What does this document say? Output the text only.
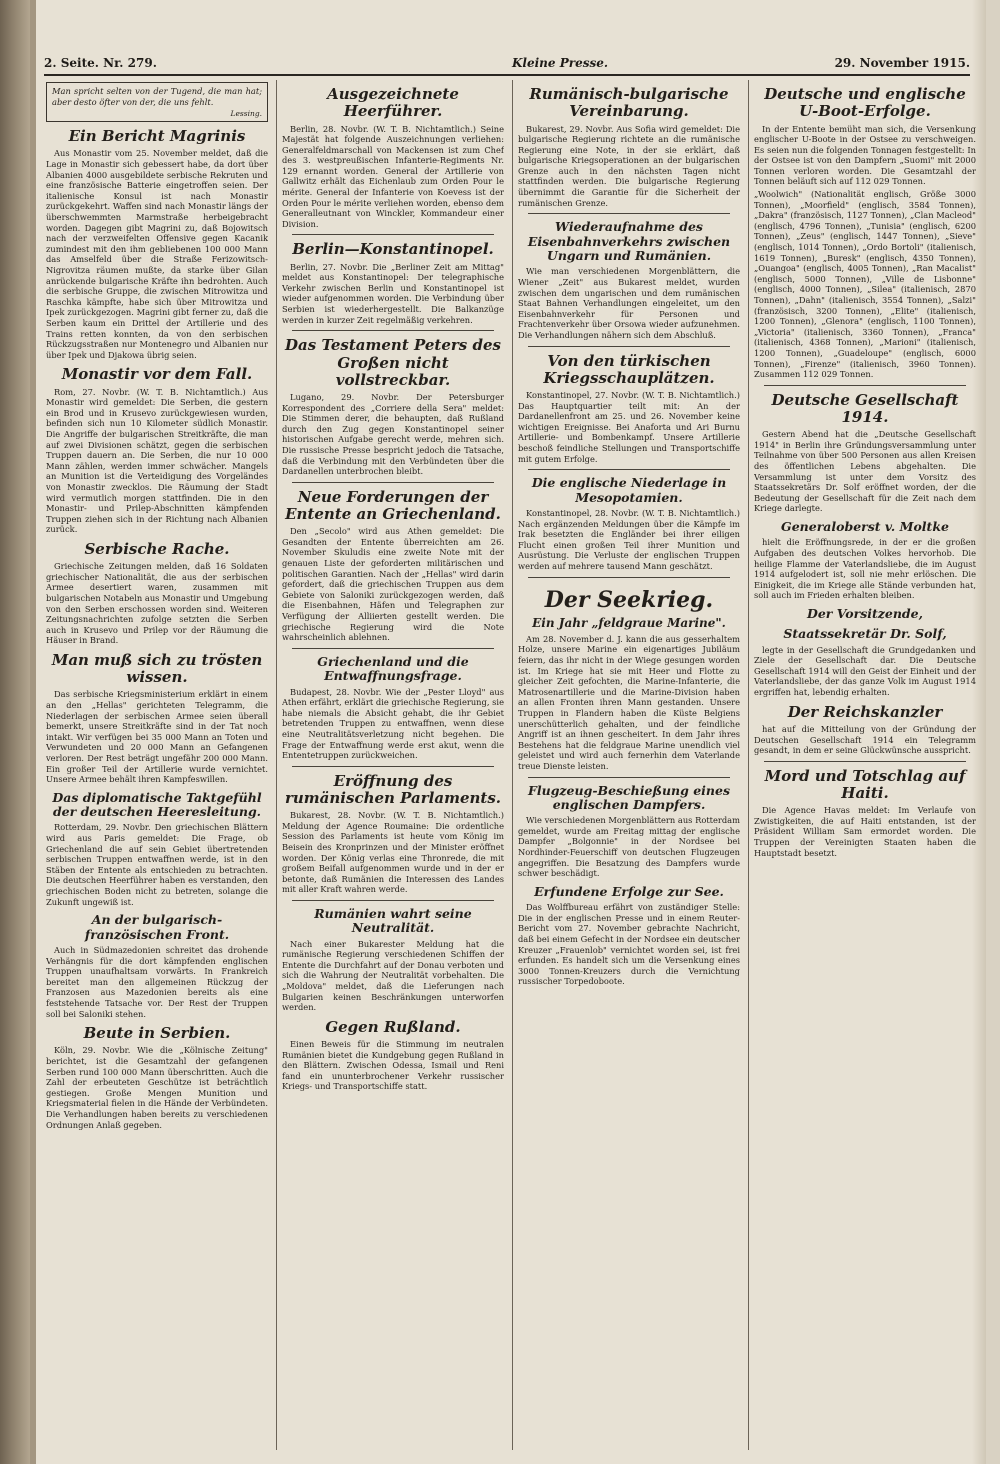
2. Seite. Nr. 279.	Kleine Presse.	29. November 1915.

Man spricht selten von der Tugend, die man hat; aber desto öfter von der, die uns fehlt.

Lessing.
Ein Bericht Magrinis

Aus Monastir vom 25. November meldet, daß die Lage in Monastir sich gebessert habe, da dort über Albanien 4000 ausgebildete serbische Rekruten und eine französische Batterie eingetroffen seien. Der italienische Konsul ist nach Monastir zurückgekehrt. Waffen sind nach Monastir längs der überschwemmten Marmstraße herbeigebracht worden. Dagegen gibt Magrini zu, daß Bojowitsch nach der verzweifelten Offensive gegen Kacanik zumindest mit den ihm gebliebenen 100 000 Mann das Amselfeld über die Straße Ferizowitsch-Nigrovitza räumen mußte, da starke über Gilan anrückende bulgarische Kräfte ihn bedrohten. Auch die serbische Gruppe, die zwischen Mitrowitza und Raschka kämpfte, habe sich über Mitrowitza und Ipek zurückgezogen. Magrini gibt ferner zu, daß die Serben kaum ein Drittel der Artillerie und des Trains retten konnten, da von den serbischen Rückzugsstraßen nur Montenegro und Albanien nur über Ipek und Djakowa übrig seien.

Monastir vor dem Fall.

Rom, 27. Novbr. (W. T. B. Nichtamtlich.) Aus Monastir wird gemeldet: Die Serben, die gestern ein Brod und in Krusevo zurückgewiesen wurden, befinden sich nun 10 Kilometer südlich Monastir. Die Angriffe der bulgarischen Streitkräfte, die man auf zwei Divisionen schätzt, gegen die serbischen Truppen dauern an. Die Serben, die nur 10 000 Mann zählen, werden immer schwächer. Mangels an Munition ist die Verteidigung des Vorgeländes von Monastir zwecklos. Die Räumung der Stadt wird vermutlich morgen stattfinden. Die in den Monastir- und Prilep-Abschnitten kämpfenden Truppen ziehen sich in der Richtung nach Albanien zurück.

Serbische Rache.

Griechische Zeitungen melden, daß 16 Soldaten griechischer Nationalität, die aus der serbischen Armee desertiert waren, zusammen mit bulgarischen Notabeln aus Monastir und Umgebung von den Serben erschossen worden sind. Weiteren Zeitungsnachrichten zufolge setzten die Serben auch in Krusevo und Prilep vor der Räumung die Häuser in Brand.

Man muß sich zu trösten wissen.

Das serbische Kriegsministerium erklärt in einem an den „Hellas" gerichteten Telegramm, die Niederlagen der serbischen Armee seien überall bemerkt, unsere Streitkräfte sind in der Tat noch intakt. Wir verfügen bei 35 000 Mann an Toten und Verwundeten und 20 000 Mann an Gefangenen verloren. Der Rest beträgt ungefähr 200 000 Mann. Ein großer Teil der Artillerie wurde vernichtet. Unsere Armee behält ihren Kampfeswillen.

Das diplomatische Taktgefühl der deutschen Heeresleitung.

Rotterdam, 29. Novbr. Den griechischen Blättern wird aus Paris gemeldet: Die Frage, ob Griechenland die auf sein Gebiet übertretenden serbischen Truppen entwaffnen werde, ist in den Stäben der Entente als entschieden zu betrachten. Die deutschen Heerführer haben es verstanden, den griechischen Boden nicht zu betreten, solange die Zukunft ungewiß ist.

An der bulgarisch-französischen Front.

Auch in Südmazedonien schreitet das drohende Verhängnis für die dort kämpfenden englischen Truppen unaufhaltsam vorwärts. In Frankreich bereitet man den allgemeinen Rückzug der Franzosen aus Mazedonien bereits als eine feststehende Tatsache vor. Der Rest der Truppen soll bei Saloniki stehen.

Beute in Serbien.

Köln, 29. Novbr. Wie die „Kölnische Zeitung" berichtet, ist die Gesamtzahl der gefangenen Serben rund 100 000 Mann überschritten. Auch die Zahl der erbeuteten Geschütze ist beträchtlich gestiegen. Große Mengen Munition und Kriegsmaterial fielen in die Hände der Verbündeten. Die Verhandlungen haben bereits zu verschiedenen Ordnungen Anlaß gegeben.

Ausgezeichnete Heerführer.

Berlin, 28. Novbr. (W. T. B. Nichtamtlich.) Seine Majestät hat folgende Auszeichnungen verliehen: Generalfeldmarschall von Mackensen ist zum Chef des 3. westpreußischen Infanterie-Regiments Nr. 129 ernannt worden. General der Artillerie von Gallwitz erhält das Eichenlaub zum Orden Pour le mérite. General der Infanterie von Koevess ist der Orden Pour le mérite verliehen worden, ebenso dem Generalleutnant von Winckler, Kommandeur einer Division.

Berlin—Konstantinopel.

Berlin, 27. Novbr. Die „Berliner Zeit am Mittag" meldet aus Konstantinopel: Der telegraphische Verkehr zwischen Berlin und Konstantinopel ist wieder aufgenommen worden. Die Verbindung über Serbien ist wiederhergestellt. Die Balkanzüge werden in kurzer Zeit regelmäßig verkehren.

Das Testament Peters des Großen nicht vollstreckbar.

Lugano, 29. Novbr. Der Petersburger Korrespondent des „Corriere della Sera" meldet: Die Stimmen derer, die behaupten, daß Rußland durch den Zug gegen Konstantinopel seiner historischen Aufgabe gerecht werde, mehren sich. Die russische Presse bespricht jedoch die Tatsache, daß die Verbindung mit den Verbündeten über die Dardanellen unterbrochen bleibt.

Neue Forderungen der Entente an Griechenland.

Den „Secolo" wird aus Athen gemeldet: Die Gesandten der Entente überreichten am 26. November Skuludis eine zweite Note mit der genauen Liste der geforderten militärischen und politischen Garantien. Nach der „Hellas" wird darin gefordert, daß die griechischen Truppen aus dem Gebiete von Saloniki zurückgezogen werden, daß die Eisenbahnen, Häfen und Telegraphen zur Verfügung der Alliierten gestellt werden. Die griechische Regierung wird die Note wahrscheinlich ablehnen.

Griechenland und die Entwaffnungsfrage.

Budapest, 28. Novbr. Wie der „Pester Lloyd" aus Athen erfährt, erklärt die griechische Regierung, sie habe niemals die Absicht gehabt, die ihr Gebiet betretenden Truppen zu entwaffnen, wenn diese eine Neutralitätsverletzung nicht begehen. Die Frage der Entwaffnung werde erst akut, wenn die Ententetruppen zurückweichen.

Eröffnung des rumänischen Parlaments.

Bukarest, 28. Novbr. (W. T. B. Nichtamtlich.) Meldung der Agence Roumaine: Die ordentliche Session des Parlaments ist heute vom König im Beisein des Kronprinzen und der Minister eröffnet worden. Der König verlas eine Thronrede, die mit großem Beifall aufgenommen wurde und in der er betonte, daß Rumänien die Interessen des Landes mit aller Kraft wahren werde.

Rumänien wahrt seine Neutralität.

Nach einer Bukarester Meldung hat die rumänische Regierung verschiedenen Schiffen der Entente die Durchfahrt auf der Donau verboten und sich die Wahrung der Neutralität vorbehalten. Die „Moldova" meldet, daß die Lieferungen nach Bulgarien keinen Beschränkungen unterworfen werden.

Gegen Rußland.

Einen Beweis für die Stimmung im neutralen Rumänien bietet die Kundgebung gegen Rußland in den Blättern. Zwischen Odessa, Ismail und Reni fand ein ununterbrochener Verkehr russischer Kriegs- und Transportschiffe statt.

Rumänisch-bulgarische Vereinbarung.

Bukarest, 29. Novbr. Aus Sofia wird gemeldet: Die bulgarische Regierung richtete an die rumänische Regierung eine Note, in der sie erklärt, daß bulgarische Kriegsoperationen an der bulgarischen Grenze auch in den nächsten Tagen nicht stattfinden werden. Die bulgarische Regierung übernimmt die Garantie für die Sicherheit der rumänischen Grenze.

Wiederaufnahme des Eisenbahnverkehrs zwischen Ungarn und Rumänien.

Wie man verschiedenen Morgenblättern, die Wiener „Zeit" aus Bukarest meldet, wurden zwischen dem ungarischen und dem rumänischen Staat Bahnen Verhandlungen eingeleitet, um den Eisenbahnverkehr für Personen und Frachtenverkehr über Orsowa wieder aufzunehmen. Die Verhandlungen nähern sich dem Abschluß.

Von den türkischen Kriegsschauplätzen.

Konstantinopel, 27. Novbr. (W. T. B. Nichtamtlich.) Das Hauptquartier teilt mit: An der Dardanellenfront am 25. und 26. November keine wichtigen Ereignisse. Bei Anaforta und Ari Burnu Artillerie- und Bombenkampf. Unsere Artillerie beschoß feindliche Stellungen und Transportschiffe mit gutem Erfolge.

Die englische Niederlage in Mesopotamien.

Konstantinopel, 28. Novbr. (W. T. B. Nichtamtlich.) Nach ergänzenden Meldungen über die Kämpfe im Irak besetzten die Engländer bei ihrer eiligen Flucht einen großen Teil ihrer Munition und Ausrüstung. Die Verluste der englischen Truppen werden auf mehrere tausend Mann geschätzt.

Der Seekrieg.
Ein Jahr „feldgraue Marine".

Am 28. November d. J. kann die aus gesserhaltem Holze, unsere Marine ein eigenartiges Jubiläum feiern, das ihr nicht in der Wiege gesungen worden ist. Im Kriege hat sie mit Heer und Flotte zu gleicher Zeit gefochten, die Marine-Infanterie, die Matrosenartillerie und die Marine-Division haben an allen Fronten ihren Mann gestanden. Unsere Truppen in Flandern haben die Küste Belgiens unerschütterlich gehalten, und der feindliche Angriff ist an ihnen gescheitert. In dem Jahr ihres Bestehens hat die feldgraue Marine unendlich viel geleistet und wird auch fernerhin dem Vaterlande treue Dienste leisten.

Flugzeug-Beschießung eines englischen Dampfers.

Wie verschiedenen Morgenblättern aus Rotterdam gemeldet, wurde am Freitag mittag der englische Dampfer „Bolgonnie" in der Nordsee bei Nordhinder-Feuerschiff von deutschen Flugzeugen angegriffen. Die Besatzung des Dampfers wurde schwer beschädigt.

Erfundene Erfolge zur See.

Das Wolffbureau erfährt von zuständiger Stelle: Die in der englischen Presse und in einem Reuter-Bericht vom 27. November gebrachte Nachricht, daß bei einem Gefecht in der Nordsee ein deutscher Kreuzer „Frauenlob" vernichtet worden sei, ist frei erfunden. Es handelt sich um die Versenkung eines 3000 Tonnen-Kreuzers durch die Vernichtung russischer Torpedoboote.

Deutsche und englische U-Boot-Erfolge.

In der Entente bemüht man sich, die Versenkung englischer U-Boote in der Ostsee zu verschweigen. Es seien nun die folgenden Tonnagen festgestellt: In der Ostsee ist von den Dampfern „Suomi" mit 2000 Tonnen verloren worden. Die Gesamtzahl der Tonnen beläuft sich auf 112 029 Tonnen.

„Woolwich" (Nationalität englisch, Größe 3000 Tonnen), „Moorfield" (englisch, 3584 Tonnen), „Dakra" (französisch, 1127 Tonnen), „Clan Macleod" (englisch, 4796 Tonnen), „Tunisia" (englisch, 6200 Tonnen), „Zeus" (englisch, 1447 Tonnen), „Sieve" (englisch, 1014 Tonnen), „Ordo Bortoli" (italienisch, 1619 Tonnen), „Buresk" (englisch, 4350 Tonnen), „Ouangoa" (englisch, 4005 Tonnen), „Ran Macalist" (englisch, 5000 Tonnen), „Ville de Lisbonne" (englisch, 4000 Tonnen), „Silea" (italienisch, 2870 Tonnen), „Dahn" (italienisch, 3554 Tonnen), „Salzi" (französisch, 3200 Tonnen), „Elite" (italienisch, 1200 Tonnen), „Glenora" (englisch, 1100 Tonnen), „Victoria" (italienisch, 3360 Tonnen), „Franca" (italienisch, 4368 Tonnen), „Marioni" (italienisch, 1200 Tonnen), „Guadeloupe" (englisch, 6000 Tonnen), „Firenze" (italienisch, 3960 Tonnen). Zusammen 112 029 Tonnen.

Deutsche Gesellschaft 1914.

Gestern Abend hat die „Deutsche Gesellschaft 1914" in Berlin ihre Gründungsversammlung unter Teilnahme von über 500 Personen aus allen Kreisen des öffentlichen Lebens abgehalten. Die Versammlung ist unter dem Vorsitz des Staatssekretärs Dr. Solf eröffnet worden, der die Bedeutung der Gesellschaft für die Zeit nach dem Kriege darlegte.

Generaloberst v. Moltke

hielt die Eröffnungsrede, in der er die großen Aufgaben des deutschen Volkes hervorhob. Die heilige Flamme der Vaterlandsliebe, die im August 1914 aufgelodert ist, soll nie mehr erlöschen. Die Einigkeit, die im Kriege alle Stände verbunden hat, soll auch im Frieden erhalten bleiben.

Der Vorsitzende,
Staatssekretär Dr. Solf,

legte in der Gesellschaft die Grundgedanken und Ziele der Gesellschaft dar. Die Deutsche Gesellschaft 1914 will den Geist der Einheit und der Vaterlandsliebe, der das ganze Volk im August 1914 ergriffen hat, lebendig erhalten.

Der Reichskanzler

hat auf die Mitteilung von der Gründung der Deutschen Gesellschaft 1914 ein Telegramm gesandt, in dem er seine Glückwünsche ausspricht.

Mord und Totschlag auf Haiti.

Die Agence Havas meldet: Im Verlaufe von Zwistigkeiten, die auf Haiti entstanden, ist der Präsident William Sam ermordet worden. Die Truppen der Vereinigten Staaten haben die Hauptstadt besetzt.
